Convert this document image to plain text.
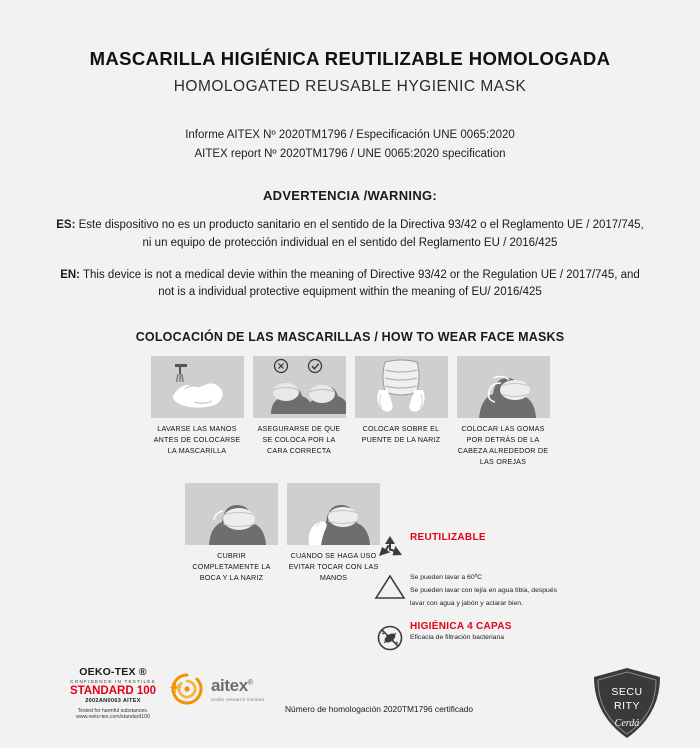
MASCARILLA HIGIÉNICA REUTILIZABLE HOMOLOGADA
HOMOLOGATED REUSABLE HYGIENIC MASK
Informe AITEX Nº 2020TM1796 / Especificación UNE 0065:2020
AITEX report Nº 2020TM1796 / UNE 0065:2020 specification
ADVERTENCIA /WARNING:
ES: Este dispositivo no es un producto sanitario en el sentido de la Directiva 93/42 o el Reglamento UE / 2017/745,
ni un equipo de protección individual en el sentido del Reglamento EU / 2016/425
EN: This device is not a medical devie within the meaning of Directive 93/42 or the Regulation UE / 2017/745, and
not is a individual protective equipment within the meaning of EU/ 2016/425
COLOCACIÓN DE LAS MASCARILLAS / HOW TO WEAR FACE MASKS
LAVARSE LAS MANOS ANTES DE COLOCARSE LA MASCARILLA
ASEGURARSE DE QUE SE COLOCA POR LA CARA CORRECTA
COLOCAR SOBRE EL PUENTE DE LA NARIZ
COLOCAR LAS GOMAS POR DETRÁS DE LA CABEZA ALREDEDOR DE LAS OREJAS
CUBRIR COMPLETAMENTE LA BOCA Y LA NARIZ
CUANDO SE HAGA USO EVITAR TOCAR CON LAS MANOS
REUTILIZABLE
Se pueden lavar a 60ºC
Se pueden lavar con lejía en agua tibia, después
lavar con agua y jabón y aclarar bien.
HIGIÉNICA 4 CAPAS
Eficacia de filtración bacteriana
OEKO-TEX ®
CONFIDENCE IN TEXTILES
STANDARD 100
2002AN0063 AITEX
Tested for harmful substances.
www.oeko-tex.com/standard100
✳ aitex®
textile research institute
Número de homologación 2020TM1796 certificado
SECU
RITY
Cerdá
